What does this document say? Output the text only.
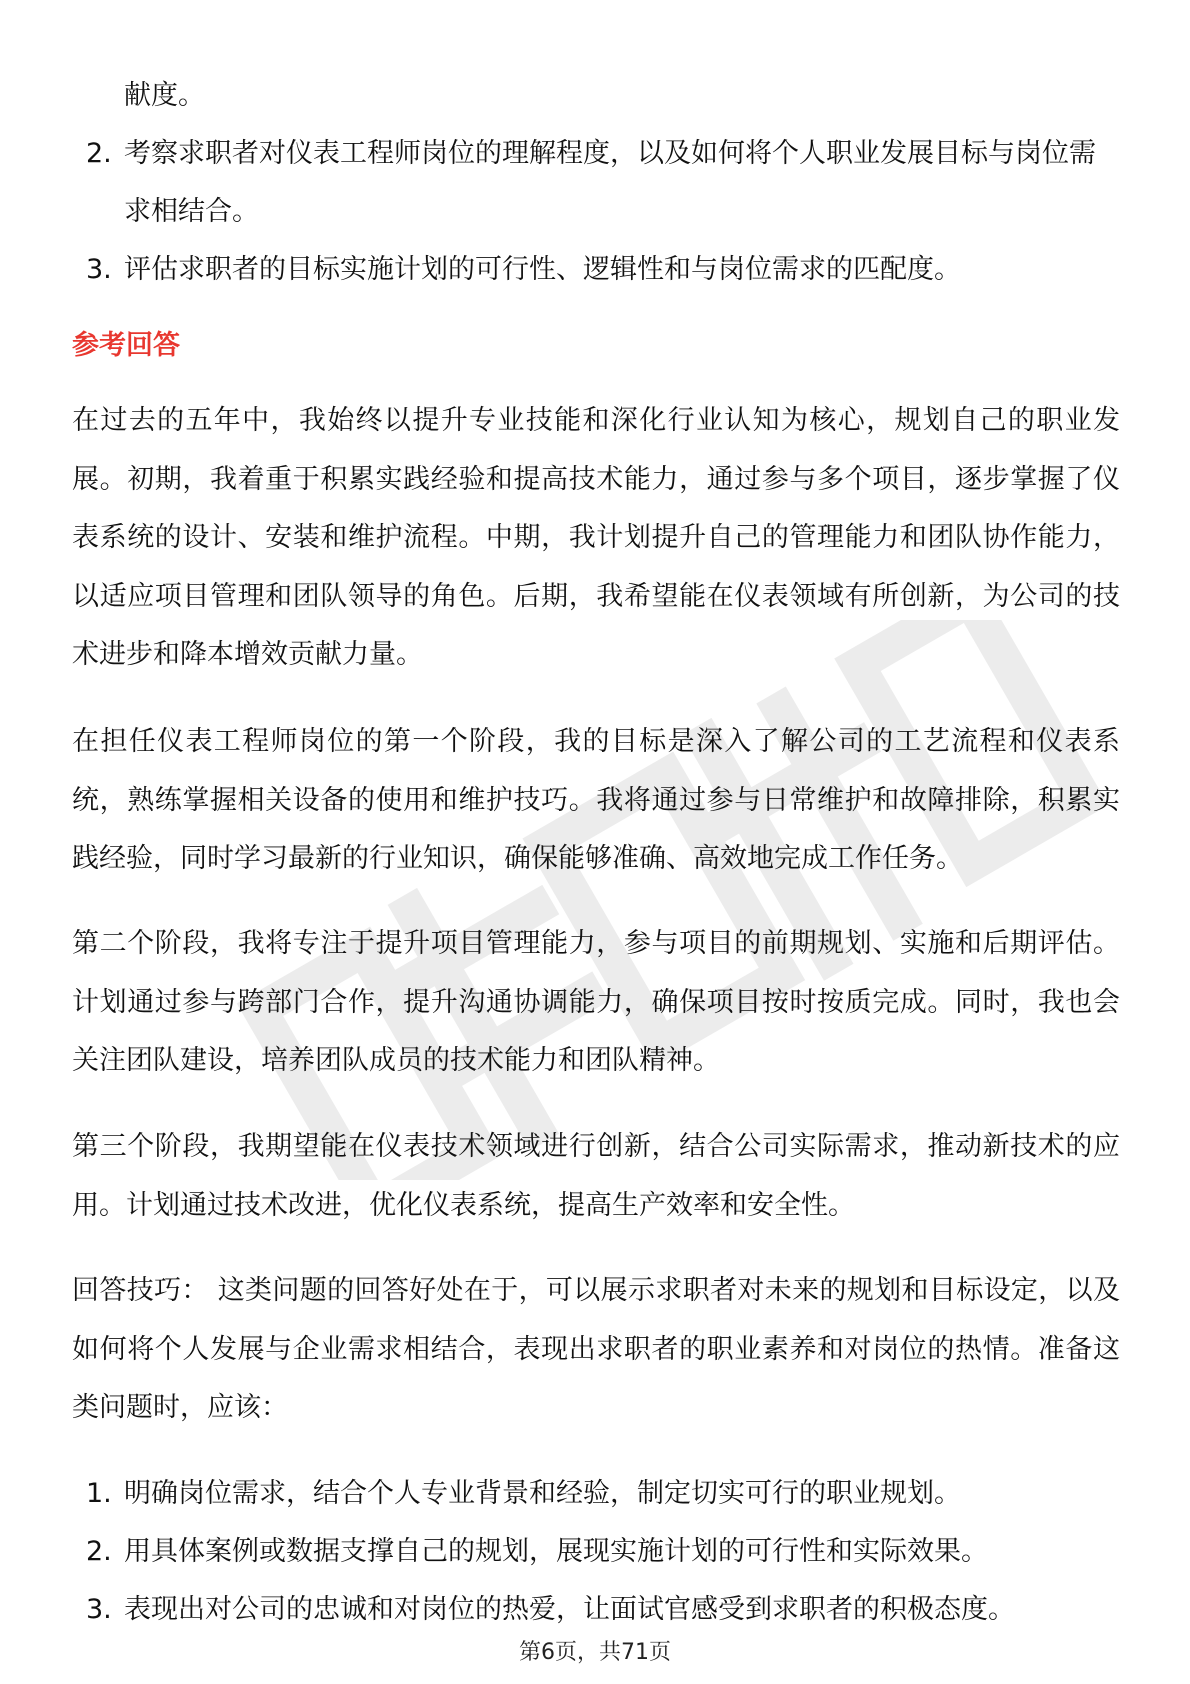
献度。
2. 考察求职者对仪表工程师岗位的理解程度，以及如何将个人职业发展目标与岗位需求相结合。
3. 评估求职者的目标实施计划的可行性、逻辑性和与岗位需求的匹配度。
参考回答

在过去的五年中，我始终以提升专业技能和深化行业认知为核心，规划自己的职业发展。初期，我着重于积累实践经验和提高技术能力，通过参与多个项目，逐步掌握了仪表系统的设计、安装和维护流程。中期，我计划提升自己的管理能力和团队协作能力，以适应项目管理和团队领导的角色。后期，我希望能在仪表领域有所创新，为公司的技术进步和降本增效贡献力量。

在担任仪表工程师岗位的第一个阶段，我的目标是深入了解公司的工艺流程和仪表系统，熟练掌握相关设备的使用和维护技巧。我将通过参与日常维护和故障排除，积累实践经验，同时学习最新的行业知识，确保能够准确、高效地完成工作任务。

第二个阶段，我将专注于提升项目管理能力，参与项目的前期规划、实施和后期评估。计划通过参与跨部门合作，提升沟通协调能力，确保项目按时按质完成。同时，我也会关注团队建设，培养团队成员的技术能力和团队精神。

第三个阶段，我期望能在仪表技术领域进行创新，结合公司实际需求，推动新技术的应用。计划通过技术改进，优化仪表系统，提高生产效率和安全性。

回答技巧： 这类问题的回答好处在于，可以展示求职者对未来的规划和目标设定，以及如何将个人发展与企业需求相结合，表现出求职者的职业素养和对岗位的热情。准备这类问题时，应该：

1. 明确岗位需求，结合个人专业背景和经验，制定切实可行的职业规划。
2. 用具体案例或数据支撑自己的规划，展现实施计划的可行性和实际效果。
3. 表现出对公司的忠诚和对岗位的热爱，让面试官感受到求职者的积极态度。
第6页，共71页
